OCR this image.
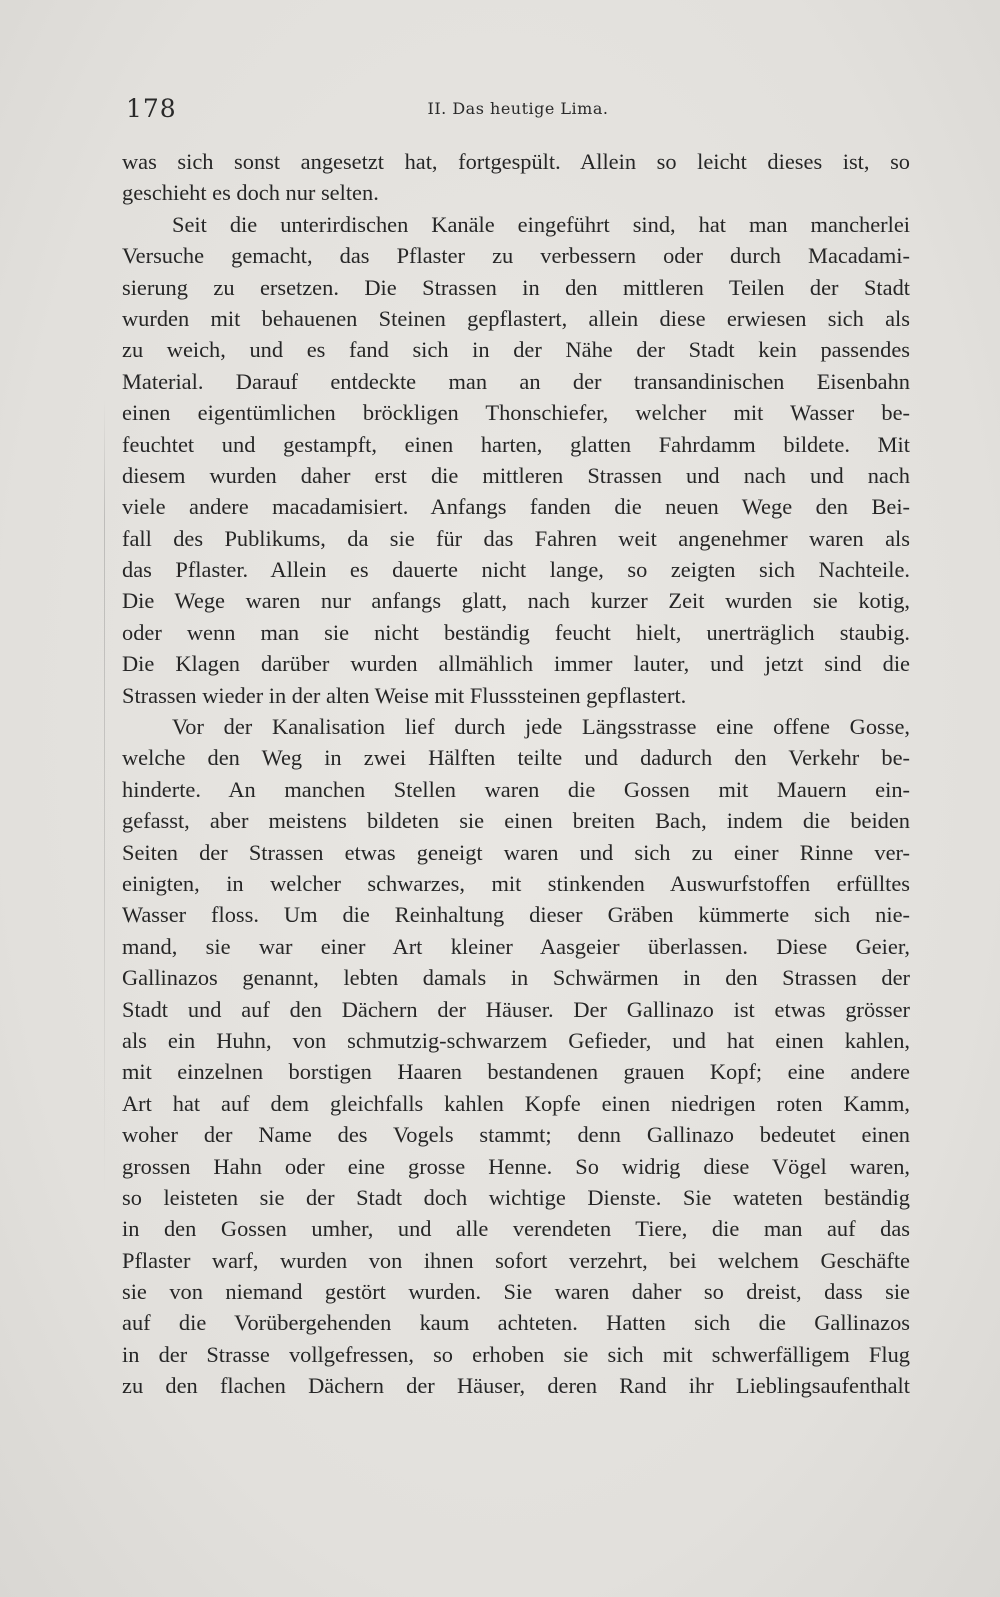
178	II. Das heutige Lima.
was sich sonst angesetzt hat, fortgespült. Allein so leicht dieses ist, so
geschieht es doch nur selten.
Seit die unterirdischen Kanäle eingeführt sind, hat man mancherlei
Versuche gemacht, das Pflaster zu verbessern oder durch Macadami-
sierung zu ersetzen. Die Strassen in den mittleren Teilen der Stadt
wurden mit behauenen Steinen gepflastert, allein diese erwiesen sich als
zu weich, und es fand sich in der Nähe der Stadt kein passendes
Material. Darauf entdeckte man an der transandinischen Eisenbahn
einen eigentümlichen bröckligen Thonschiefer, welcher mit Wasser be-
feuchtet und gestampft, einen harten, glatten Fahrdamm bildete. Mit
diesem wurden daher erst die mittleren Strassen und nach und nach
viele andere macadamisiert. Anfangs fanden die neuen Wege den Bei-
fall des Publikums, da sie für das Fahren weit angenehmer waren als
das Pflaster. Allein es dauerte nicht lange, so zeigten sich Nachteile.
Die Wege waren nur anfangs glatt, nach kurzer Zeit wurden sie kotig,
oder wenn man sie nicht beständig feucht hielt, unerträglich staubig.
Die Klagen darüber wurden allmählich immer lauter, und jetzt sind die
Strassen wieder in der alten Weise mit Flusssteinen gepflastert.
Vor der Kanalisation lief durch jede Längsstrasse eine offene Gosse,
welche den Weg in zwei Hälften teilte und dadurch den Verkehr be-
hinderte. An manchen Stellen waren die Gossen mit Mauern ein-
gefasst, aber meistens bildeten sie einen breiten Bach, indem die beiden
Seiten der Strassen etwas geneigt waren und sich zu einer Rinne ver-
einigten, in welcher schwarzes, mit stinkenden Auswurfstoffen erfülltes
Wasser floss. Um die Reinhaltung dieser Gräben kümmerte sich nie-
mand, sie war einer Art kleiner Aasgeier überlassen. Diese Geier,
Gallinazos genannt, lebten damals in Schwärmen in den Strassen der
Stadt und auf den Dächern der Häuser. Der Gallinazo ist etwas grösser
als ein Huhn, von schmutzig-schwarzem Gefieder, und hat einen kahlen,
mit einzelnen borstigen Haaren bestandenen grauen Kopf; eine andere
Art hat auf dem gleichfalls kahlen Kopfe einen niedrigen roten Kamm,
woher der Name des Vogels stammt; denn Gallinazo bedeutet einen
grossen Hahn oder eine grosse Henne. So widrig diese Vögel waren,
so leisteten sie der Stadt doch wichtige Dienste. Sie wateten beständig
in den Gossen umher, und alle verendeten Tiere, die man auf das
Pflaster warf, wurden von ihnen sofort verzehrt, bei welchem Geschäfte
sie von niemand gestört wurden. Sie waren daher so dreist, dass sie
auf die Vorübergehenden kaum achteten. Hatten sich die Gallinazos
in der Strasse vollgefressen, so erhoben sie sich mit schwerfälligem Flug
zu den flachen Dächern der Häuser, deren Rand ihr Lieblingsaufenthalt
